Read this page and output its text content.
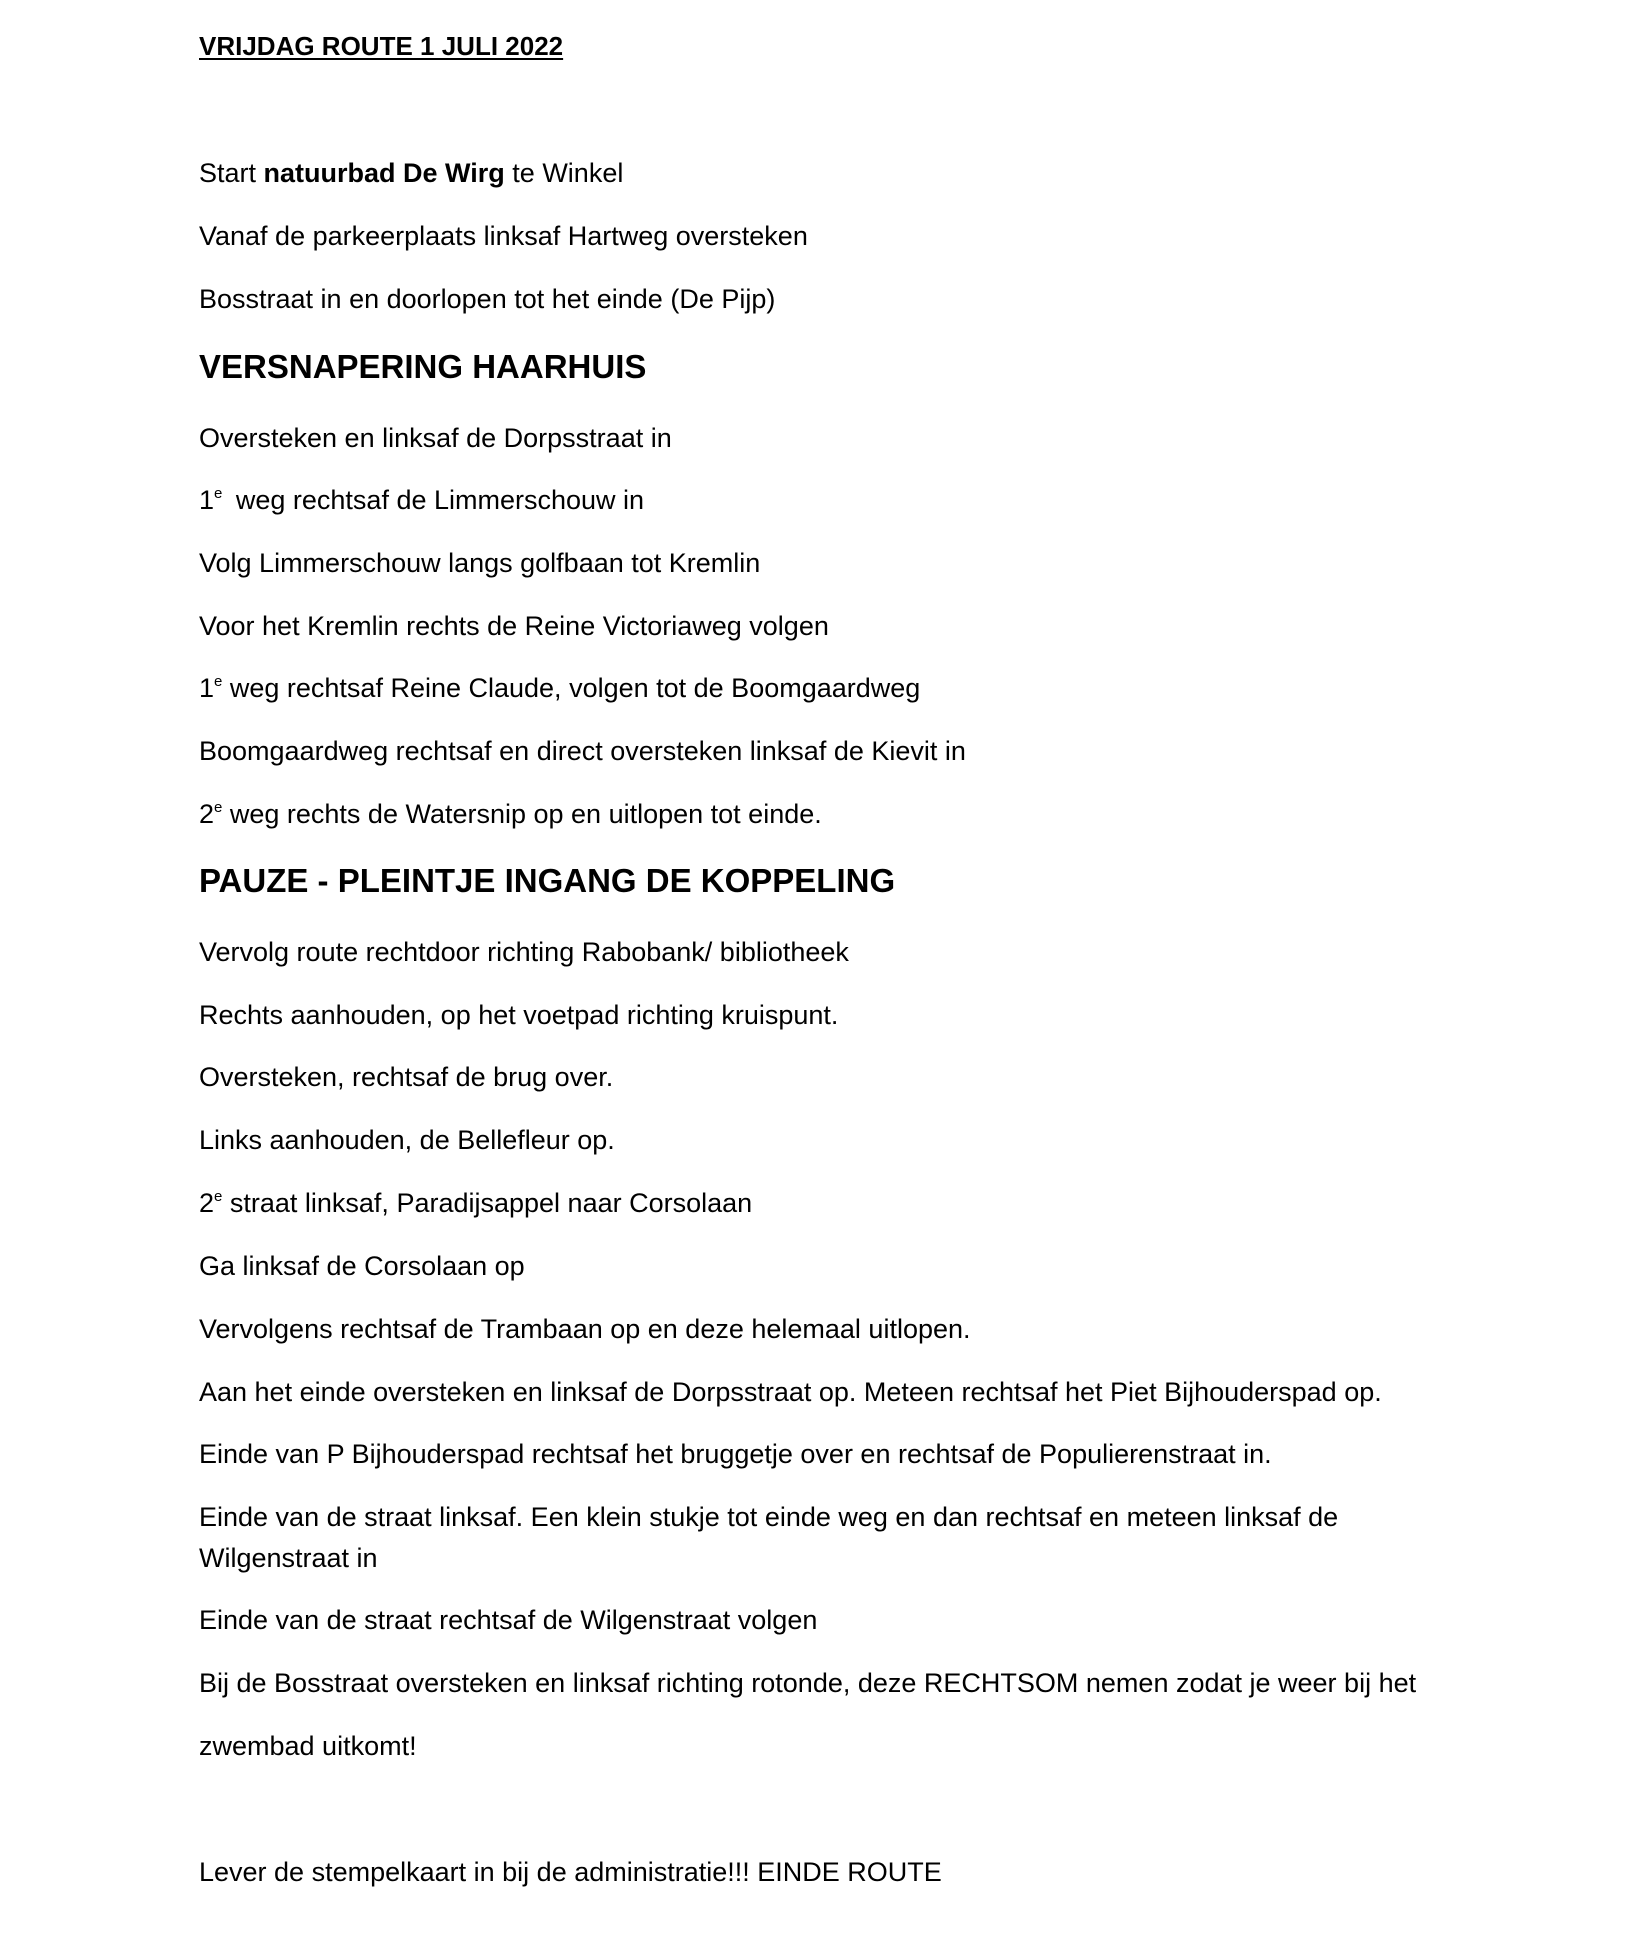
VRIJDAG ROUTE 1 JULI 2022
Start natuurbad De Wirg te Winkel
Vanaf de parkeerplaats linksaf Hartweg oversteken
Bosstraat in en doorlopen tot het einde (De Pijp)
VERSNAPERING HAARHUIS
Oversteken en linksaf de Dorpsstraat in
1e weg rechtsaf de Limmerschouw in
Volg Limmerschouw langs golfbaan tot Kremlin
Voor het Kremlin rechts de Reine Victoriaweg volgen
1e weg rechtsaf Reine Claude, volgen tot de Boomgaardweg
Boomgaardweg rechtsaf en direct oversteken linksaf de Kievit in
2e weg rechts de Watersnip op en uitlopen tot einde.
PAUZE - PLEINTJE INGANG DE KOPPELING
Vervolg route rechtdoor richting Rabobank/ bibliotheek
Rechts aanhouden, op het voetpad richting kruispunt.
Oversteken, rechtsaf de brug over.
Links aanhouden, de Bellefleur op.
2e straat linksaf, Paradijsappel naar Corsolaan
Ga linksaf de Corsolaan op
Vervolgens rechtsaf de Trambaan op en deze helemaal uitlopen.
Aan het einde oversteken en linksaf de Dorpsstraat op. Meteen rechtsaf het Piet Bijhouderspad op.
Einde van P Bijhouderspad rechtsaf het bruggetje over en rechtsaf de Populierenstraat in.
Einde van de straat linksaf. Een klein stukje tot einde weg en dan rechtsaf en meteen linksaf de
Wilgenstraat in
Einde van de straat rechtsaf de Wilgenstraat volgen
Bij de Bosstraat oversteken en linksaf richting rotonde, deze RECHTSOM nemen zodat je weer bij het
zwembad uitkomt!
Lever de stempelkaart in bij de administratie!!! EINDE ROUTE
